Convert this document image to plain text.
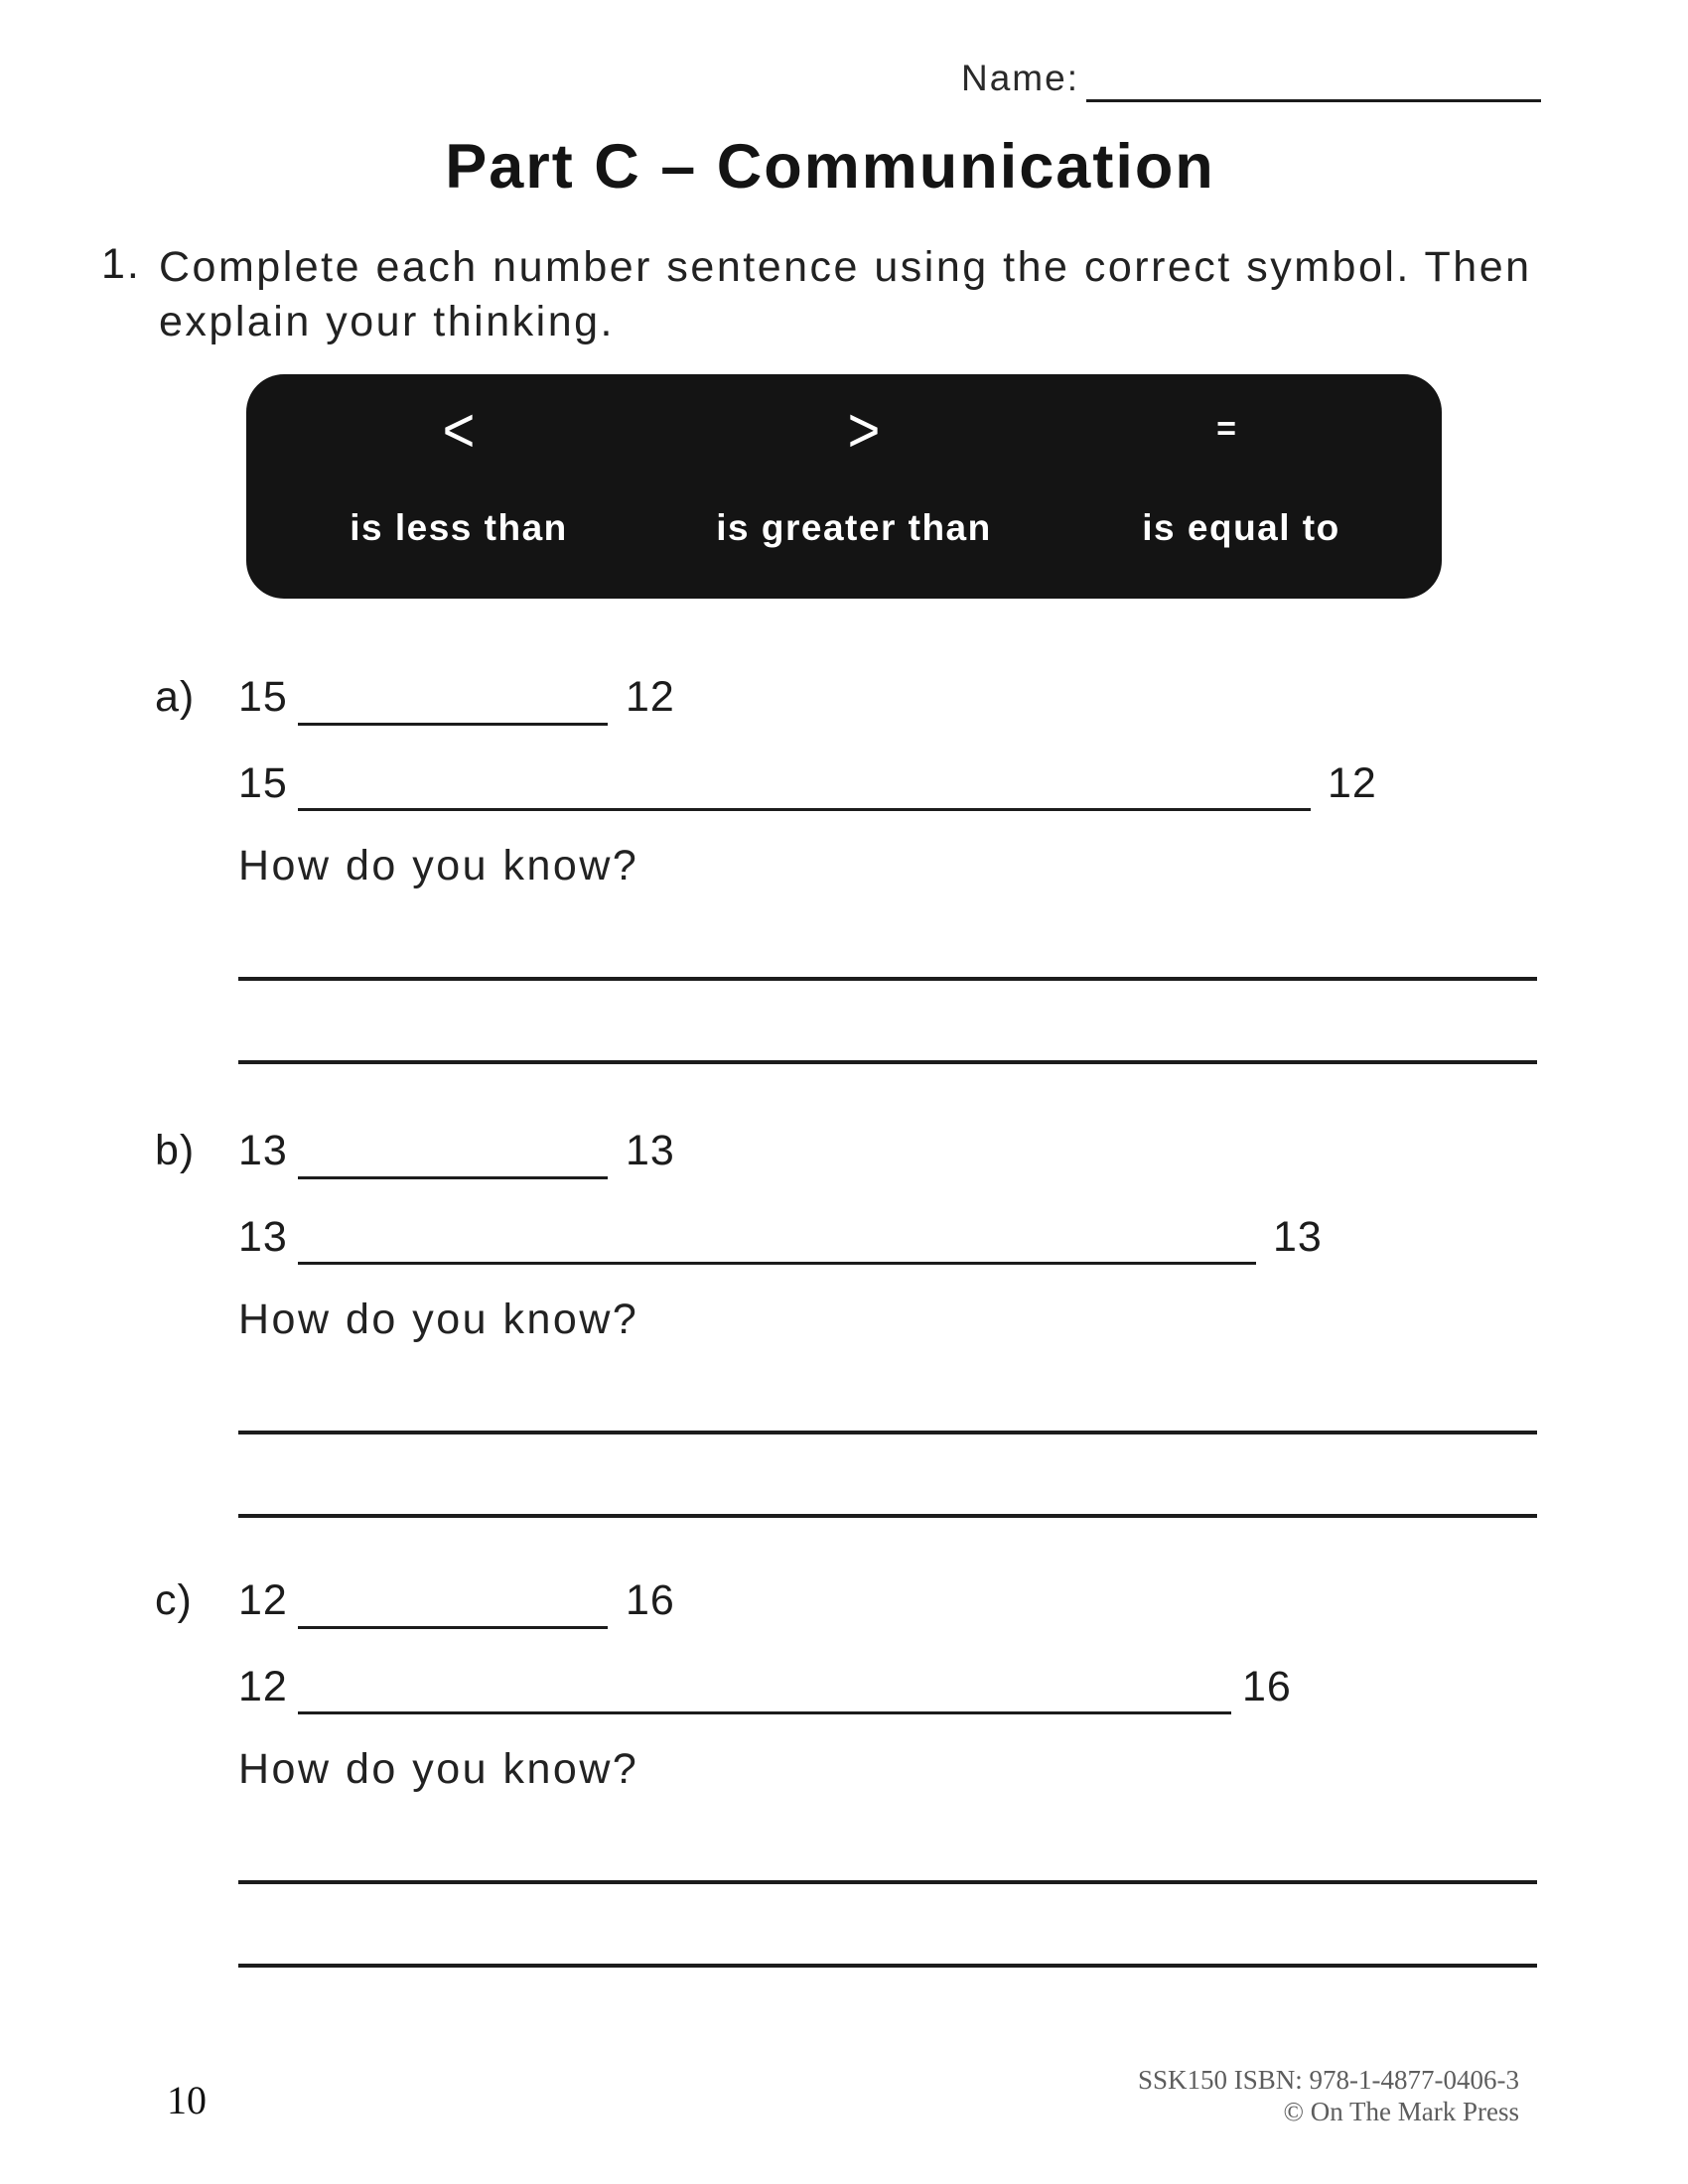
Name:
Part C – Communication
1. Complete each number sentence using the correct symbol. Then explain your thinking.
<	>	=
is less than	is greater than	is equal to
a) 15	12
15	12
How do you know?
b) 13	13
13	13
How do you know?
c) 12	16
12	16
How do you know?
10	SSK150 ISBN: 978-1-4877-0406-3
© On The Mark Press
